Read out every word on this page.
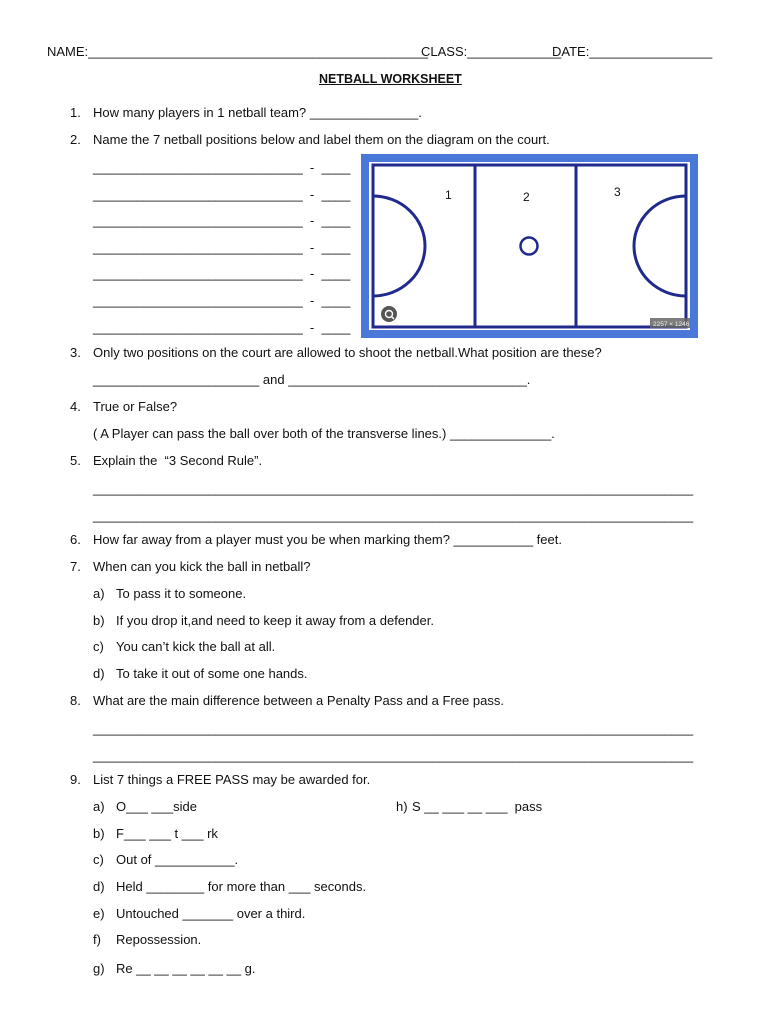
NAME:_______________________________________________
CLASS:_____________
DATE:_________________
NETBALL WORKSHEET
1. How many players in 1 netball team? _______________.
2. Name the 7 netball positions below and label them on the diagram on the court.
_____________________________  -  ____
_____________________________  -  ____
_____________________________  -  ____
_____________________________  -  ____
_____________________________  -  ____
_____________________________  -  ____
_____________________________  -  ____
1	2	3
2257 × 1246
3. Only two positions on the court are allowed to shoot the netball.What position are these?
_______________________ and _________________________________.
4. True or False?
( A Player can pass the ball over both of the transverse lines.) ______________.
5. Explain the  “3 Second Rule”.
___________________________________________________________________________________
___________________________________________________________________________________
6. How far away from a player must you be when marking them? ___________ feet.
7. When can you kick the ball in netball?
a) To pass it to someone.
b) If you drop it,and need to keep it away from a defender.
c) You can’t kick the ball at all.
d) To take it out of some one hands.
8. What are the main difference between a Penalty Pass and a Free pass.
___________________________________________________________________________________
___________________________________________________________________________________
9. List 7 things a FREE PASS may be awarded for.
a) O___ ___side	h) S __ ___ __ ___  pass
b) F___ ___ t ___ rk
c) Out of ___________.
d) Held ________ for more than ___ seconds.
e) Untouched _______ over a third.
f) Repossession.
g) Re __ __ __ __ __ __ g.
